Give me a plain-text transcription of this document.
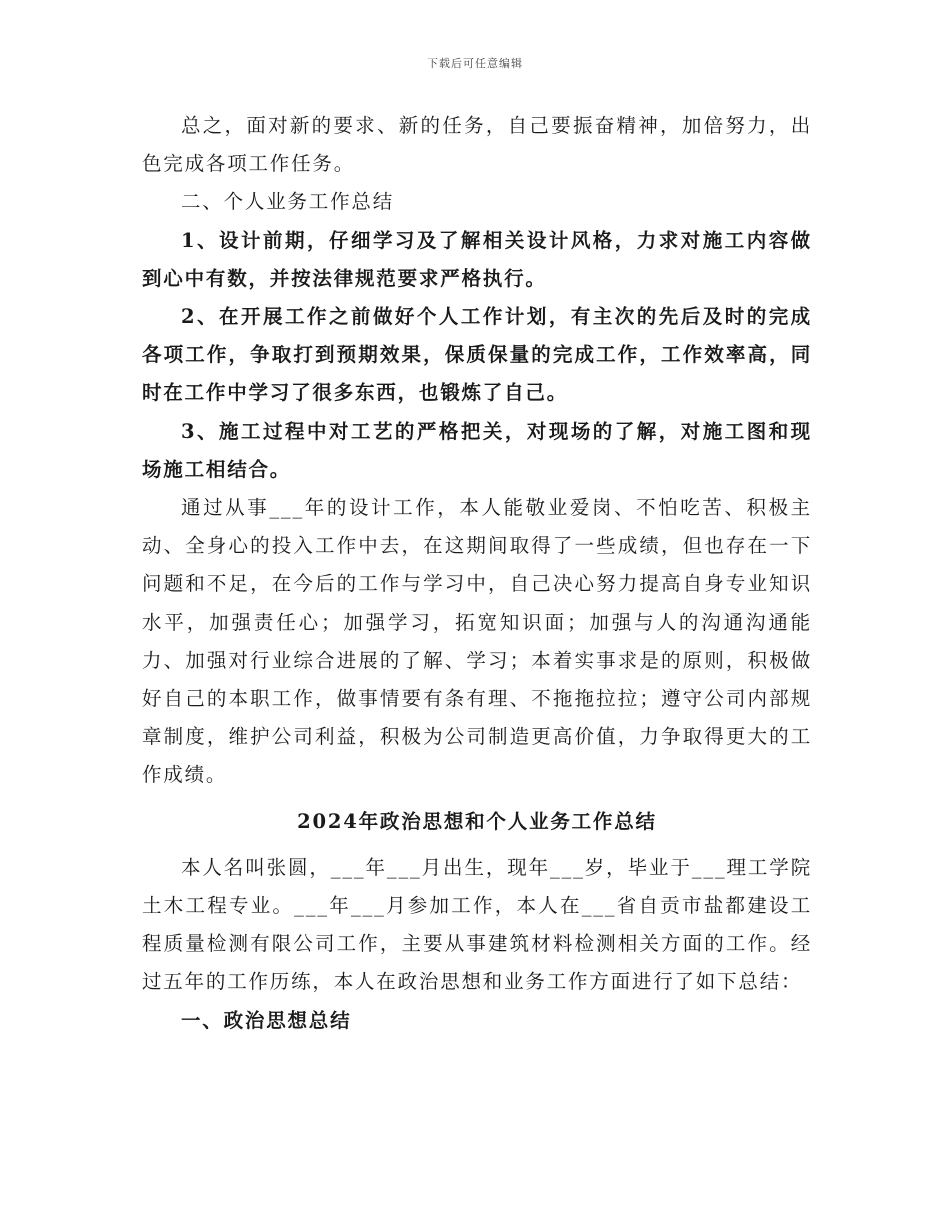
下载后可任意编辑

总之，面对新的要求、新的任务，自己要振奋精神，加倍努力，出色完成各项工作任务。

二、个人业务工作总结

1、设计前期，仔细学习及了解相关设计风格，力求对施工内容做到心中有数，并按法律规范要求严格执行。

2、在开展工作之前做好个人工作计划，有主次的先后及时的完成各项工作，争取打到预期效果，保质保量的完成工作，工作效率高，同时在工作中学习了很多东西，也锻炼了自己。

3、施工过程中对工艺的严格把关，对现场的了解，对施工图和现场施工相结合。

通过从事___年的设计工作，本人能敬业爱岗、不怕吃苦、积极主动、全身心的投入工作中去，在这期间取得了一些成绩，但也存在一下问题和不足，在今后的工作与学习中，自己决心努力提高自身专业知识水平，加强责任心；加强学习，拓宽知识面；加强与人的沟通沟通能力、加强对行业综合进展的了解、学习；本着实事求是的原则，积极做好自己的本职工作，做事情要有条有理、不拖拖拉拉；遵守公司内部规章制度，维护公司利益，积极为公司制造更高价值，力争取得更大的工作成绩。

2024年政治思想和个人业务工作总结

本人名叫张圆，___年___月出生，现年___岁，毕业于___理工学院土木工程专业。___年___月参加工作，本人在___省自贡市盐都建设工程质量检测有限公司工作，主要从事建筑材料检测相关方面的工作。经过五年的工作历练，本人在政治思想和业务工作方面进行了如下总结：

一、政治思想总结
